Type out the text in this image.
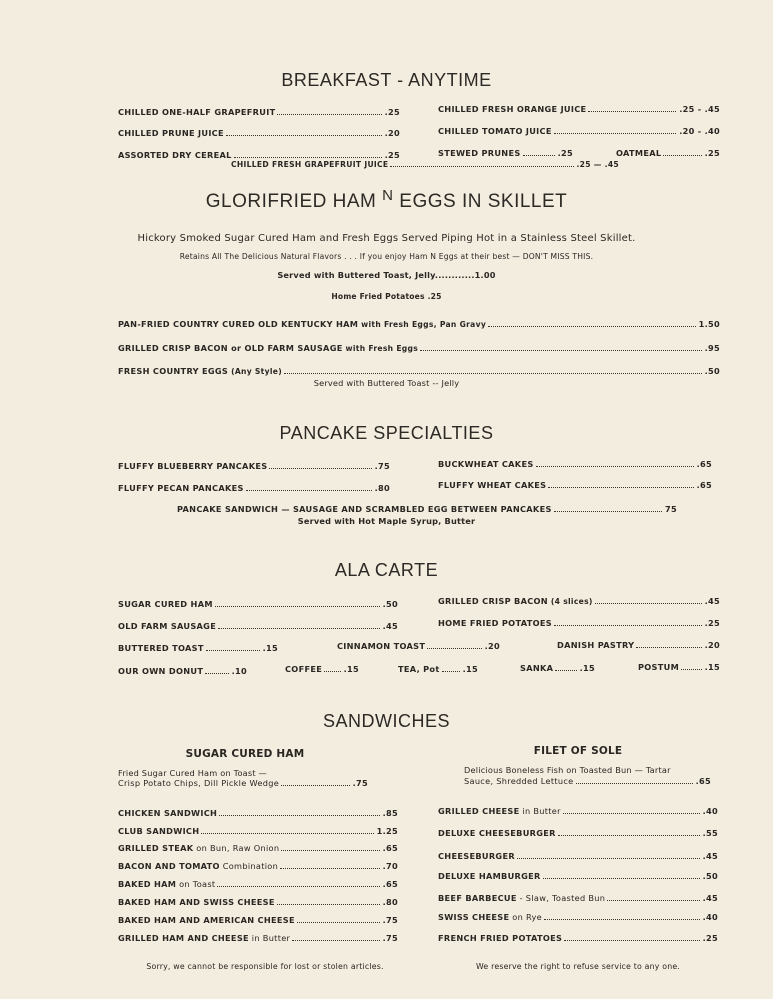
BREAKFAST - ANYTIME
CHILLED ONE-HALF GRAPEFRUIT	.25	CHILLED FRESH ORANGE JUICE	.25 - .45
CHILLED PRUNE JUICE	.20	CHILLED TOMATO JUICE	.20 - .40
ASSORTED DRY CEREAL	.25	STEWED PRUNES	.25	OATMEAL	.25
CHILLED FRESH GRAPEFRUIT JUICE	.25 — .45
GLORIFRIED HAM $^N$ EGGS IN SKILLET
Hickory Smoked Sugar Cured Ham and Fresh Eggs Served Piping Hot in a Stainless Steel Skillet.
Retains All The Delicious Natural Flavors . . . If you enjoy Ham N Eggs at their best — DON'T MISS THIS.
Served with Buttered Toast, Jelly............1.00
Home Fried Potatoes .25
PAN-FRIED COUNTRY CURED OLD KENTUCKY HAM with Fresh Eggs, Pan Gravy	1.50
GRILLED CRISP BACON or OLD FARM SAUSAGE with Fresh Eggs	.95
FRESH COUNTRY EGGS (Any Style)	.50
Served with Buttered Toast -- Jelly
PANCAKE SPECIALTIES
FLUFFY BLUEBERRY PANCAKES	.75	BUCKWHEAT CAKES	.65
FLUFFY PECAN PANCAKES	.80	FLUFFY WHEAT CAKES	.65
PANCAKE SANDWICH — SAUSAGE AND SCRAMBLED EGG BETWEEN PANCAKES	75
Served with Hot Maple Syrup, Butter
ALA CARTE
SUGAR CURED HAM	.50	GRILLED CRISP BACON (4 slices)	.45
OLD FARM SAUSAGE	.45	HOME FRIED POTATOES	.25
BUTTERED TOAST	.15	CINNAMON TOAST	.20	DANISH PASTRY	.20
OUR OWN DONUT	.10	COFFEE	.15	TEA, Pot	.15	SANKA	.15	POSTUM	.15
SANDWICHES
SUGAR CURED HAM
Fried Sugar Cured Ham on Toast —
Crisp Potato Chips, Dill Pickle Wedge	.75
FILET OF SOLE
Delicious Boneless Fish on Toasted Bun — Tartar
Sauce, Shredded Lettuce	.65
CHICKEN SANDWICH	.85
CLUB SANDWICH	1.25
GRILLED STEAK on Bun, Raw Onion	.65
BACON AND TOMATO Combination	.70
BAKED HAM on Toast	.65
BAKED HAM AND SWISS CHEESE	.80
BAKED HAM AND AMERICAN CHEESE	.75
GRILLED HAM AND CHEESE in Butter	.75
GRILLED CHEESE in Butter	.40
DELUXE CHEESEBURGER	.55
CHEESEBURGER	.45
DELUXE HAMBURGER	.50
BEEF BARBECUE - Slaw, Toasted Bun	.45
SWISS CHEESE on Rye	.40
FRENCH FRIED POTATOES	.25
Sorry, we cannot be responsible for lost or stolen articles.	We reserve the right to refuse service to any one.
